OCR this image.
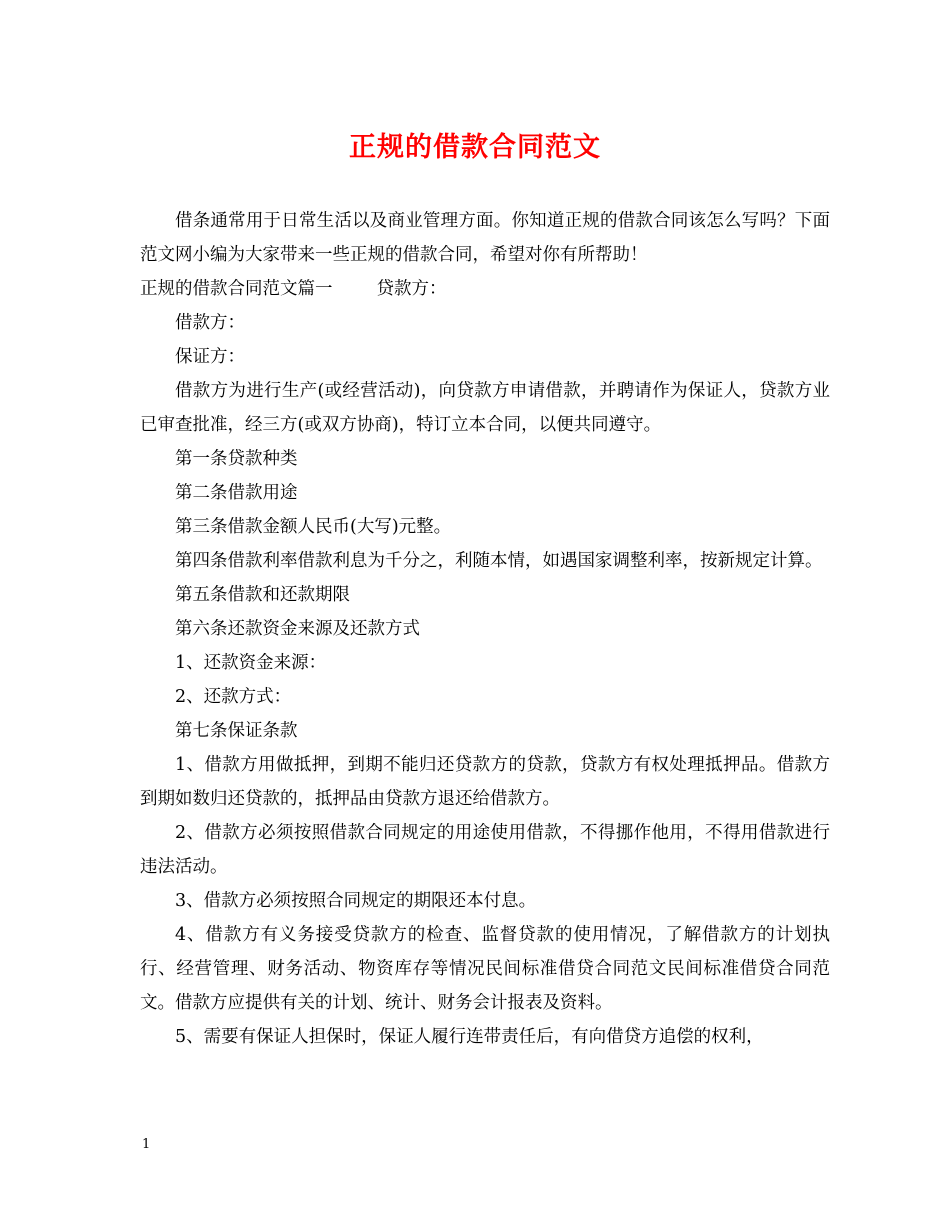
正规的借款合同范文

借条通常用于日常生活以及商业管理方面。你知道正规的借款合同该怎么写吗？下面范文网小编为大家带来一些正规的借款合同，希望对你有所帮助！

正规的借款合同范文篇一	贷款方：

借款方：

保证方：

借款方为进行生产(或经营活动)，向贷款方申请借款，并聘请作为保证人，贷款方业已审查批准，经三方(或双方协商)，特订立本合同，以便共同遵守。

第一条贷款种类

第二条借款用途

第三条借款金额人民币(大写)元整。

第四条借款利率借款利息为千分之，利随本情，如遇国家调整利率，按新规定计算。

第五条借款和还款期限

第六条还款资金来源及还款方式

1、还款资金来源：

2、还款方式：

第七条保证条款

1、借款方用做抵押，到期不能归还贷款方的贷款，贷款方有权处理抵押品。借款方到期如数归还贷款的，抵押品由贷款方退还给借款方。

2、借款方必须按照借款合同规定的用途使用借款，不得挪作他用，不得用借款进行违法活动。

3、借款方必须按照合同规定的期限还本付息。

4、借款方有义务接受贷款方的检查、监督贷款的使用情况，了解借款方的计划执行、经营管理、财务活动、物资库存等情况民间标准借贷合同范文民间标准借贷合同范文。借款方应提供有关的计划、统计、财务会计报表及资料。

5、需要有保证人担保时，保证人履行连带责任后，有向借贷方追偿的权利，

1
